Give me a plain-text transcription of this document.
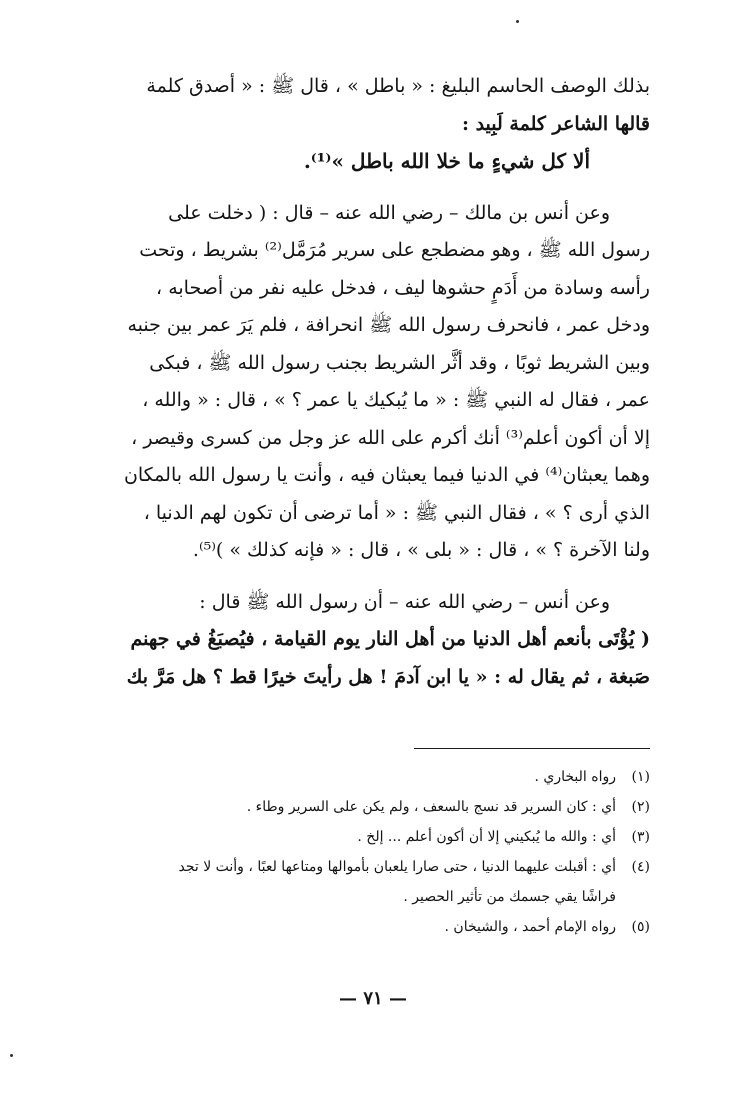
بذلك الوصف الحاسم البليغ : « باطل » ، قال ﷺ : « أصدق كلمة
قالها الشاعر كلمة لَبِيد :
ألا كل شيءٍ ما خلا الله باطل »⁽¹⁾.
وعن أنس بن مالك – رضي الله عنه – قال : ( دخلت على
رسول الله ﷺ ، وهو مضطجع على سرير مُرَمَّل⁽²⁾ بشريط ، وتحت
رأسه وسادة من أَدَمٍ حشوها ليف ، فدخل عليه نفر من أصحابه ،
ودخل عمر ، فانحرف رسول الله ﷺ انحرافة ، فلم يَرَ عمر بين جنبه
وبين الشريط ثوبًا ، وقد أثَّر الشريط بجنب رسول الله ﷺ ، فبكى
عمر ، فقال له النبي ﷺ : « ما يُبكيك يا عمر ؟ » ، قال : « والله ،
إلا أن أكون أعلم⁽³⁾ أنك أكرم على الله عز وجل من كسرى وقيصر ،
وهما يعبثان⁽⁴⁾ في الدنيا فيما يعبثان فيه ، وأنت يا رسول الله بالمكان
الذي أرى ؟ » ، فقال النبي ﷺ : « أما ترضى أن تكون لهم الدنيا ،
ولنا الآخرة ؟ » ، قال : « بلى » ، قال : « فإنه كذلك » )⁽⁵⁾.
وعن أنس – رضي الله عنه – أن رسول الله ﷺ قال :
( يُؤْتَى بأنعم أهل الدنيا من أهل النار يوم القيامة ، فيُصبَغُ في جهنم
صَبغة ، ثم يقال له : « يا ابن آدمَ ! هل رأيتَ خيرًا قط ؟ هل مَرَّ بك
(١)رواه البخاري .
(٢)أي : كان السرير قد نسج بالسعف ، ولم يكن على السرير وطاء .
(٣)أي : والله ما يُبكيني إلا أن أكون أعلم ... إلخ .
(٤)أي : أقبلت عليهما الدنيا ، حتى صارا يلعبان بأموالها ومتاعها لعبًا ، وأنت لا تجد
فراشًا يقي جسمك من تأثير الحصير .
(٥)رواه الإمام أحمد ، والشيخان .
— ٧١ —
